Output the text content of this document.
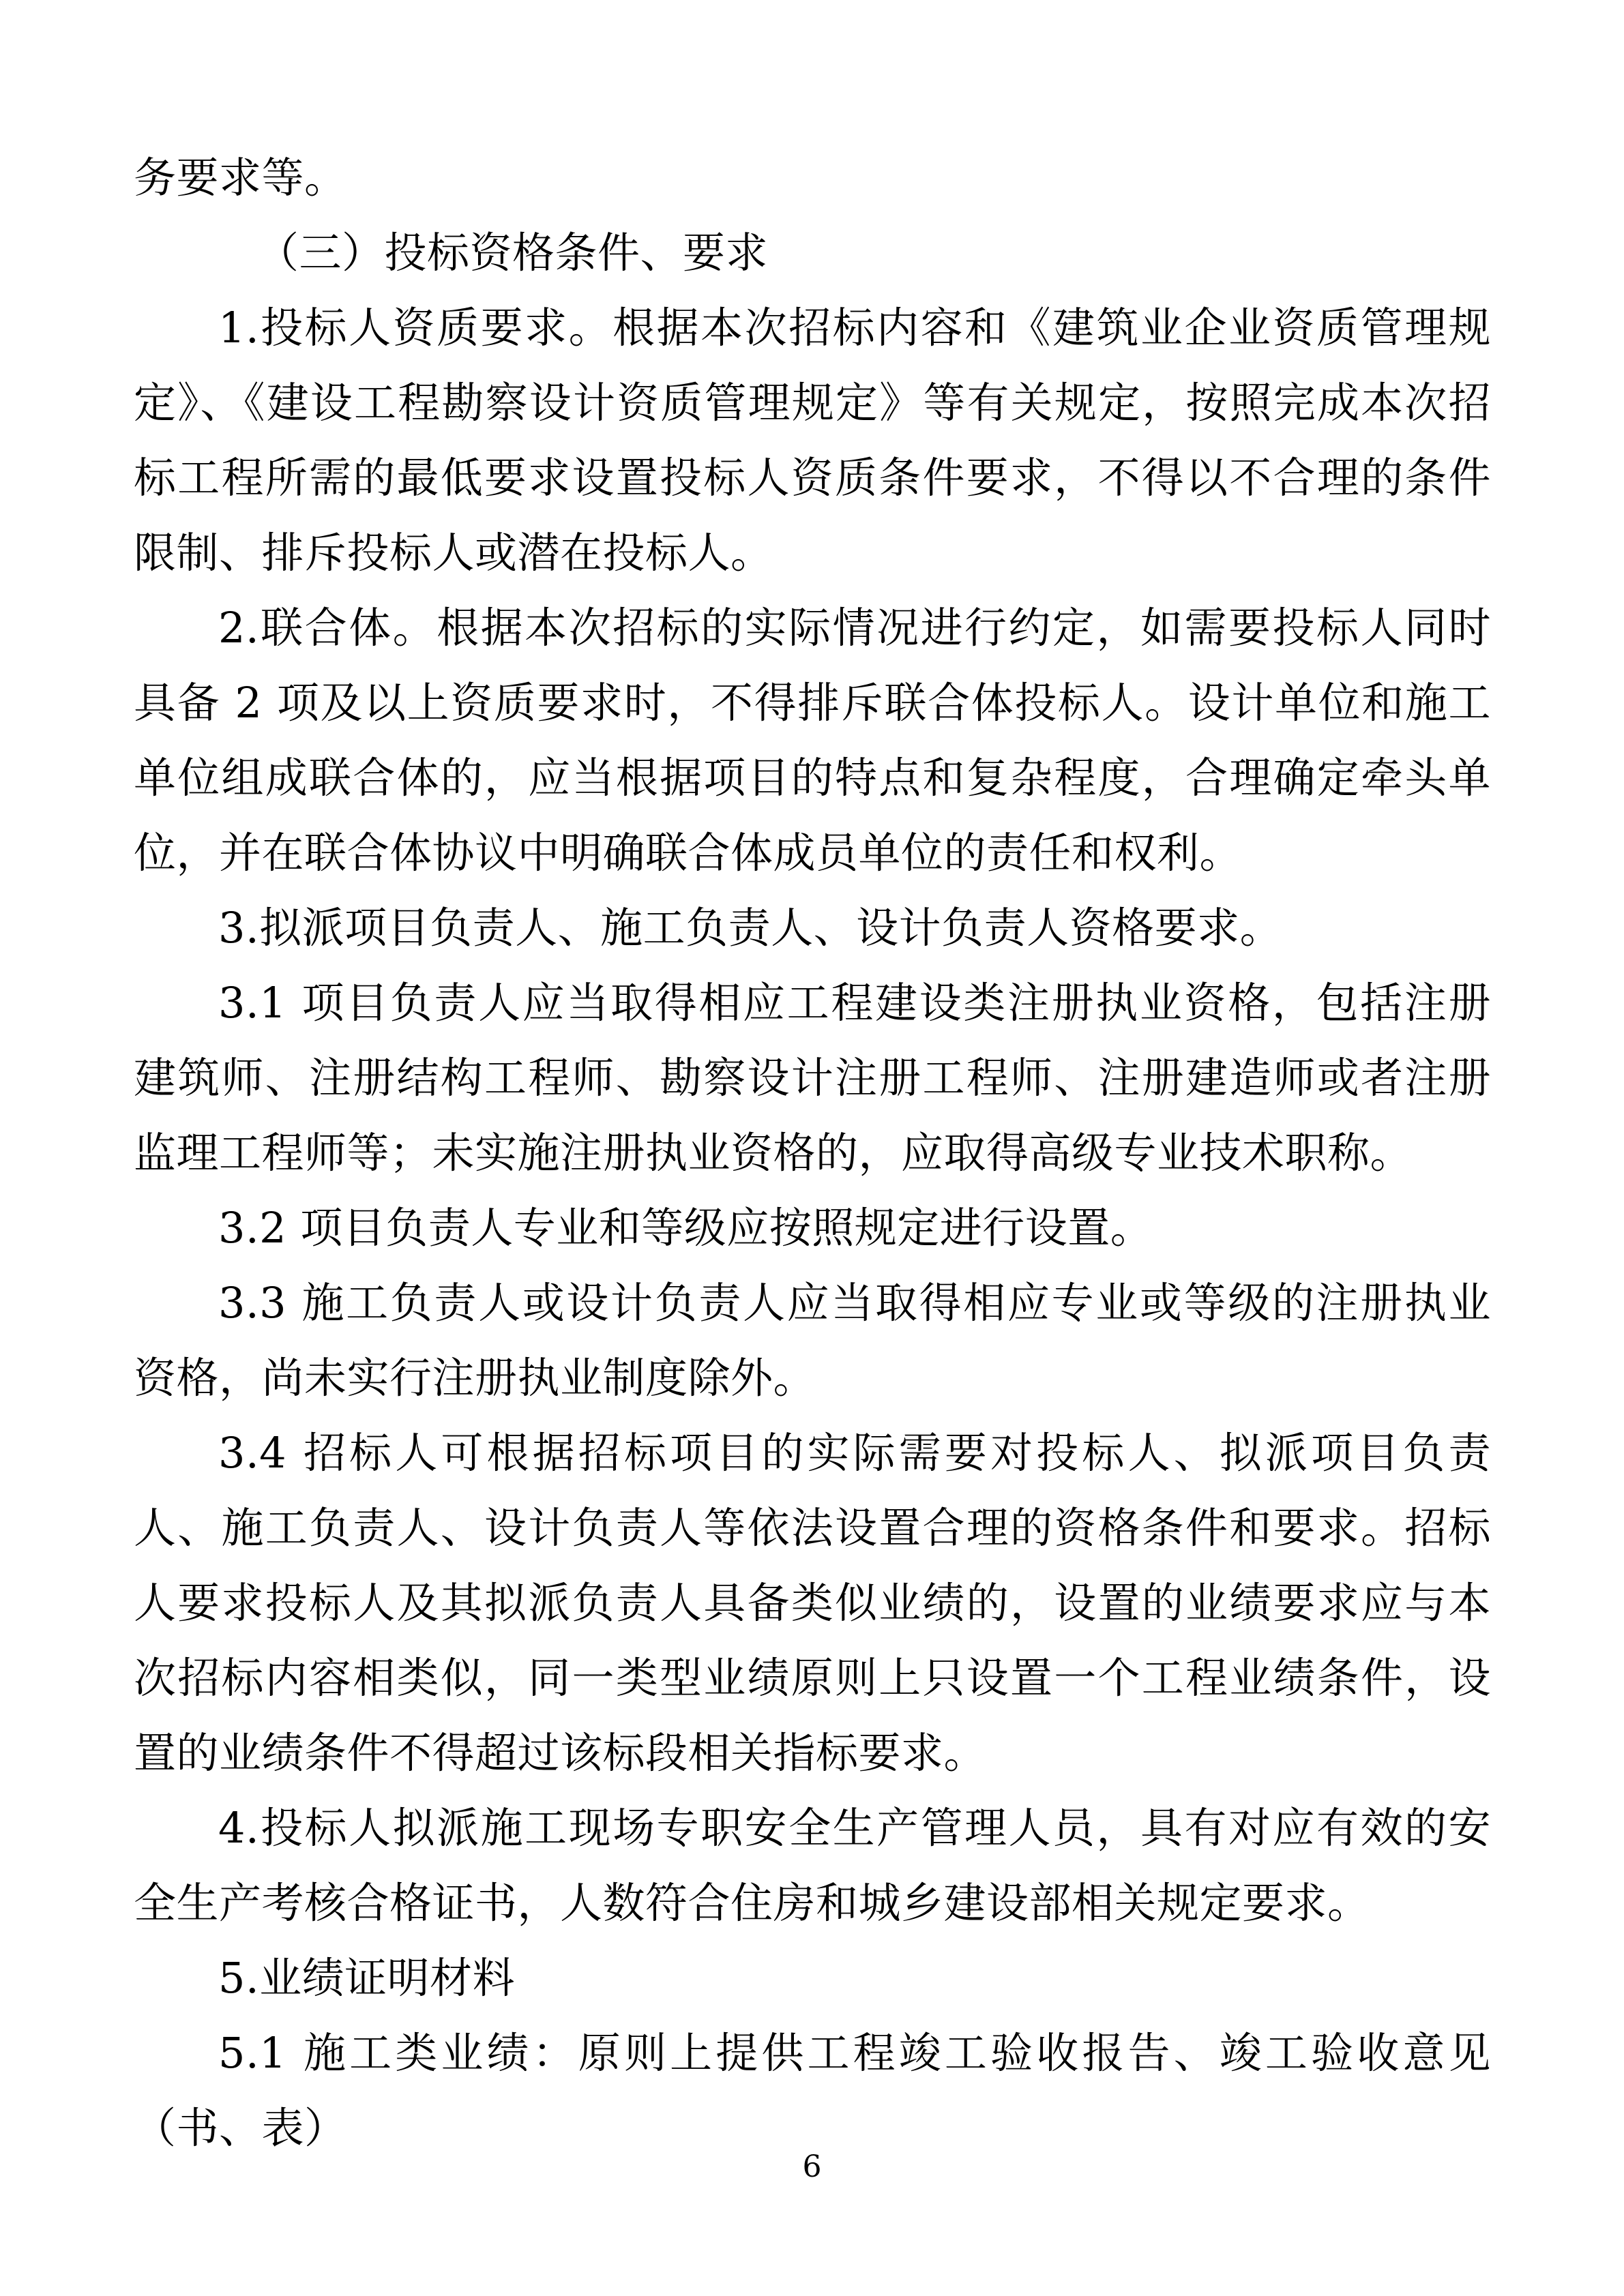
务要求等。

（三）投标资格条件、要求

1.投标人资质要求。根据本次招标内容和《建筑业企业资质管理规定》、《建设工程勘察设计资质管理规定》等有关规定，按照完成本次招标工程所需的最低要求设置投标人资质条件要求，不得以不合理的条件限制、排斥投标人或潜在投标人。

2.联合体。根据本次招标的实际情况进行约定，如需要投标人同时具备 2 项及以上资质要求时，不得排斥联合体投标人。设计单位和施工单位组成联合体的，应当根据项目的特点和复杂程度，合理确定牵头单位，并在联合体协议中明确联合体成员单位的责任和权利。

3.拟派项目负责人、施工负责人、设计负责人资格要求。

3.1 项目负责人应当取得相应工程建设类注册执业资格，包括注册建筑师、注册结构工程师、勘察设计注册工程师、注册建造师或者注册监理工程师等；未实施注册执业资格的，应取得高级专业技术职称。

3.2 项目负责人专业和等级应按照规定进行设置。

3.3 施工负责人或设计负责人应当取得相应专业或等级的注册执业资格，尚未实行注册执业制度除外。

3.4 招标人可根据招标项目的实际需要对投标人、拟派项目负责人、施工负责人、设计负责人等依法设置合理的资格条件和要求。招标人要求投标人及其拟派负责人具备类似业绩的，设置的业绩要求应与本次招标内容相类似，同一类型业绩原则上只设置一个工程业绩条件，设置的业绩条件不得超过该标段相关指标要求。

4.投标人拟派施工现场专职安全生产管理人员，具有对应有效的安全生产考核合格证书，人数符合住房和城乡建设部相关规定要求。

5.业绩证明材料

5.1 施工类业绩：原则上提供工程竣工验收报告、竣工验收意见（书、表）

6
